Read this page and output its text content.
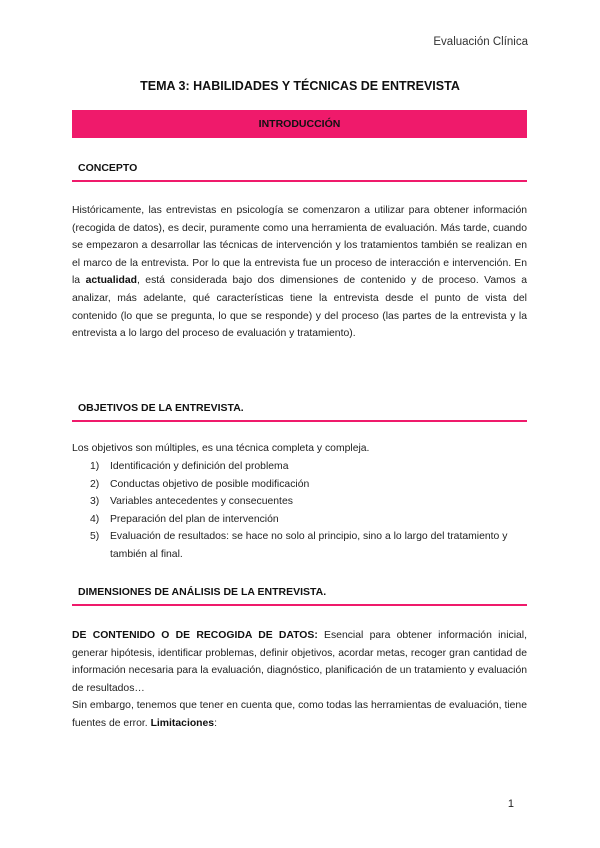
Evaluación Clínica
TEMA 3: HABILIDADES Y TÉCNICAS DE ENTREVISTA
INTRODUCCIÓN
CONCEPTO

Históricamente, las entrevistas en psicología se comenzaron a utilizar para obtener información (recogida de datos), es decir, puramente como una herramienta de evaluación. Más tarde, cuando se empezaron a desarrollar las técnicas de intervención y los tratamientos también se realizan en el marco de la entrevista. Por lo que la entrevista fue un proceso de interacción e intervención. En la actualidad, está considerada bajo dos dimensiones de contenido y de proceso. Vamos a analizar, más adelante, qué características tiene la entrevista desde el punto de vista del contenido (lo que se pregunta, lo que se responde) y del proceso (las partes de la entrevista y la entrevista a lo largo del proceso de evaluación y tratamiento).

OBJETIVOS DE LA ENTREVISTA.

Los objetivos son múltiples, es una técnica completa y compleja.

1)	Identificación y definición del problema
2)	Conductas objetivo de posible modificación
3)	Variables antecedentes y consecuentes
4)	Preparación del plan de intervención
5)	Evaluación de resultados: se hace no solo al principio, sino a lo largo del tratamiento y también al final.
DIMENSIONES DE ANÁLISIS DE LA ENTREVISTA.

DE CONTENIDO O DE RECOGIDA DE DATOS: Esencial para obtener información inicial, generar hipótesis, identificar problemas, definir objetivos, acordar metas, recoger gran cantidad de información necesaria para la evaluación, diagnóstico, planificación de un tratamiento y evaluación de resultados…

Sin embargo, tenemos que tener en cuenta que, como todas las herramientas de evaluación, tiene fuentes de error. Limitaciones:

1
